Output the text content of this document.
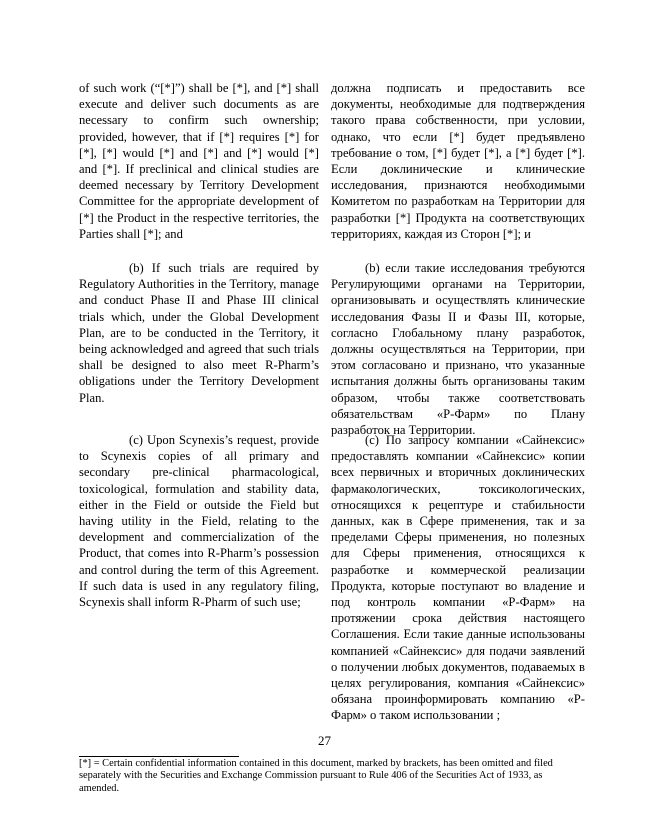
of such work (“[*]”) shall be [*], and [*] shall execute and deliver such documents as are necessary to confirm such ownership; provided, however, that if [*] requires [*] for [*], [*] would [*] and [*] and [*] would [*] and [*]. If preclinical and clinical studies are deemed necessary by Territory Development Committee for the appropriate development of [*] the Product in the respective territories, the Parties shall [*]; and

(b) If such trials are required by Regulatory Authorities in the Territory, manage and conduct Phase II and Phase III clinical trials which, under the Global Development Plan, are to be conducted in the Territory, it being acknowledged and agreed that such trials shall be designed to also meet R-Pharm’s obligations under the Territory Development Plan.

(c) Upon Scynexis’s request, provide to Scynexis copies of all primary and secondary pre-clinical pharmacological, toxicological, formulation and stability data, either in the Field or outside the Field but having utility in the Field, relating to the development and commercialization of the Product, that comes into R-Pharm’s possession and control during the term of this Agreement. If such data is used in any regulatory filing, Scynexis shall inform R-Pharm of such use;

должна подписать и предоставить все документы, необходимые для подтверждения такого права собственности, при условии, однако, что если [*] будет предъявлено требование о том, [*] будет [*], а [*] будет [*]. Если доклинические и клинические исследования, признаются необходимыми Комитетом по разработкам на Территории для разработки [*] Продукта на соответствующих территориях, каждая из Сторон [*]; и

(b) если такие исследования требуются Регулирующими органами на Территории, организовывать и осуществлять клинические исследования Фазы II и Фазы III, которые, согласно Глобальному плану разработок, должны осуществляться на Территории, при этом согласовано и признано, что указанные испытания должны быть организованы таким образом, чтобы также соответствовать обязательствам «Р-Фарм» по Плану разработок на Территории.

(c) По запросу компании «Сайнексис» предоставлять компании «Сайнексис» копии всех первичных и вторичных доклинических фармакологических, токсикологических, относящихся к рецептуре и стабильности данных, как в Сфере применения, так и за пределами Сферы применения, но полезных для Сферы применения, относящихся к разработке и коммерческой реализации Продукта, которые поступают во владение и под контроль компании «Р-Фарм» на протяжении срока действия настоящего Соглашения. Если такие данные использованы компанией «Сайнексис» для подачи заявлений о получении любых документов, подаваемых в целях регулирования, компания «Сайнексис» обязана проинформировать компанию «Р-Фарм» о таком использовании ;

27
[*] = Certain confidential information contained in this document, marked by brackets, has been omitted and filed separately with the Securities and Exchange Commission pursuant to Rule 406 of the Securities Act of 1933, as amended.
